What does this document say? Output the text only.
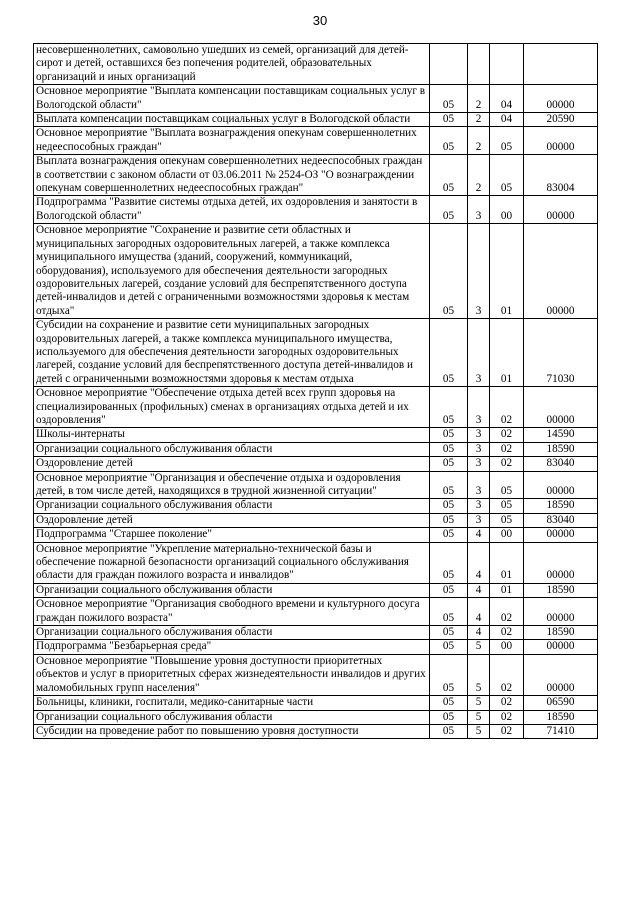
30
несовершеннолетних, самовольно ушедших из семей, организаций для детей-сирот и детей, оставшихся без попечения родителей, образовательных организаций и иных организаций				
Основное мероприятие "Выплата компенсации поставщикам социальных услуг в Вологодской области"	05	2	04	00000
Выплата компенсации поставщикам социальных услуг в Вологодской области	05	2	04	20590
Основное мероприятие "Выплата вознаграждения опекунам совершеннолетних недееспособных граждан"	05	2	05	00000
Выплата вознаграждения опекунам совершеннолетних недееспособных граждан в соответствии с законом области от 03.06.2011 № 2524-ОЗ "О вознаграждении опекунам совершеннолетних недееспособных граждан"	05	2	05	83004
Подпрограмма "Развитие системы отдыха детей, их оздоровления и занятости в Вологодской области"	05	3	00	00000
Основное мероприятие "Сохранение и развитие сети областных и муниципальных загородных оздоровительных лагерей, а также комплекса муниципального имущества (зданий, сооружений, коммуникаций, оборудования), используемого для обеспечения деятельности загородных оздоровительных лагерей, создание условий для беспрепятственного доступа детей-инвалидов и детей с ограниченными возможностями здоровья к местам отдыха"	05	3	01	00000
Субсидии на сохранение и развитие сети муниципальных загородных оздоровительных лагерей, а также комплекса муниципального имущества, используемого для обеспечения деятельности загородных оздоровительных лагерей, создание условий для беспрепятственного доступа детей-инвалидов и детей с ограниченными возможностями здоровья к местам отдыха	05	3	01	71030
Основное мероприятие "Обеспечение отдыха детей всех групп здоровья на специализированных (профильных) сменах в организациях отдыха детей и их оздоровления"	05	3	02	00000
Школы-интернаты	05	3	02	14590
Организации социального обслуживания области	05	3	02	18590
Оздоровление детей	05	3	02	83040
Основное мероприятие "Организация и обеспечение отдыха и оздоровления детей, в том числе детей, находящихся в трудной жизненной ситуации"	05	3	05	00000
Организации социального обслуживания области	05	3	05	18590
Оздоровление детей	05	3	05	83040
Подпрограмма "Старшее поколение"	05	4	00	00000
Основное мероприятие "Укрепление материально-технической базы и обеспечение пожарной безопасности организаций социального обслуживания области для граждан пожилого возраста и инвалидов"	05	4	01	00000
Организации социального обслуживания области	05	4	01	18590
Основное мероприятие "Организация свободного времени и культурного досуга граждан пожилого возраста"	05	4	02	00000
Организации социального обслуживания области	05	4	02	18590
Подпрограмма "Безбарьерная среда"	05	5	00	00000
Основное мероприятие "Повышение уровня доступности приоритетных объектов и услуг в приоритетных сферах жизнедеятельности инвалидов и других маломобильных групп населения"	05	5	02	00000
Больницы, клиники, госпитали, медико-санитарные части	05	5	02	06590
Организации социального обслуживания области	05	5	02	18590
Субсидии на проведение работ по повышению уровня доступности	05	5	02	71410
